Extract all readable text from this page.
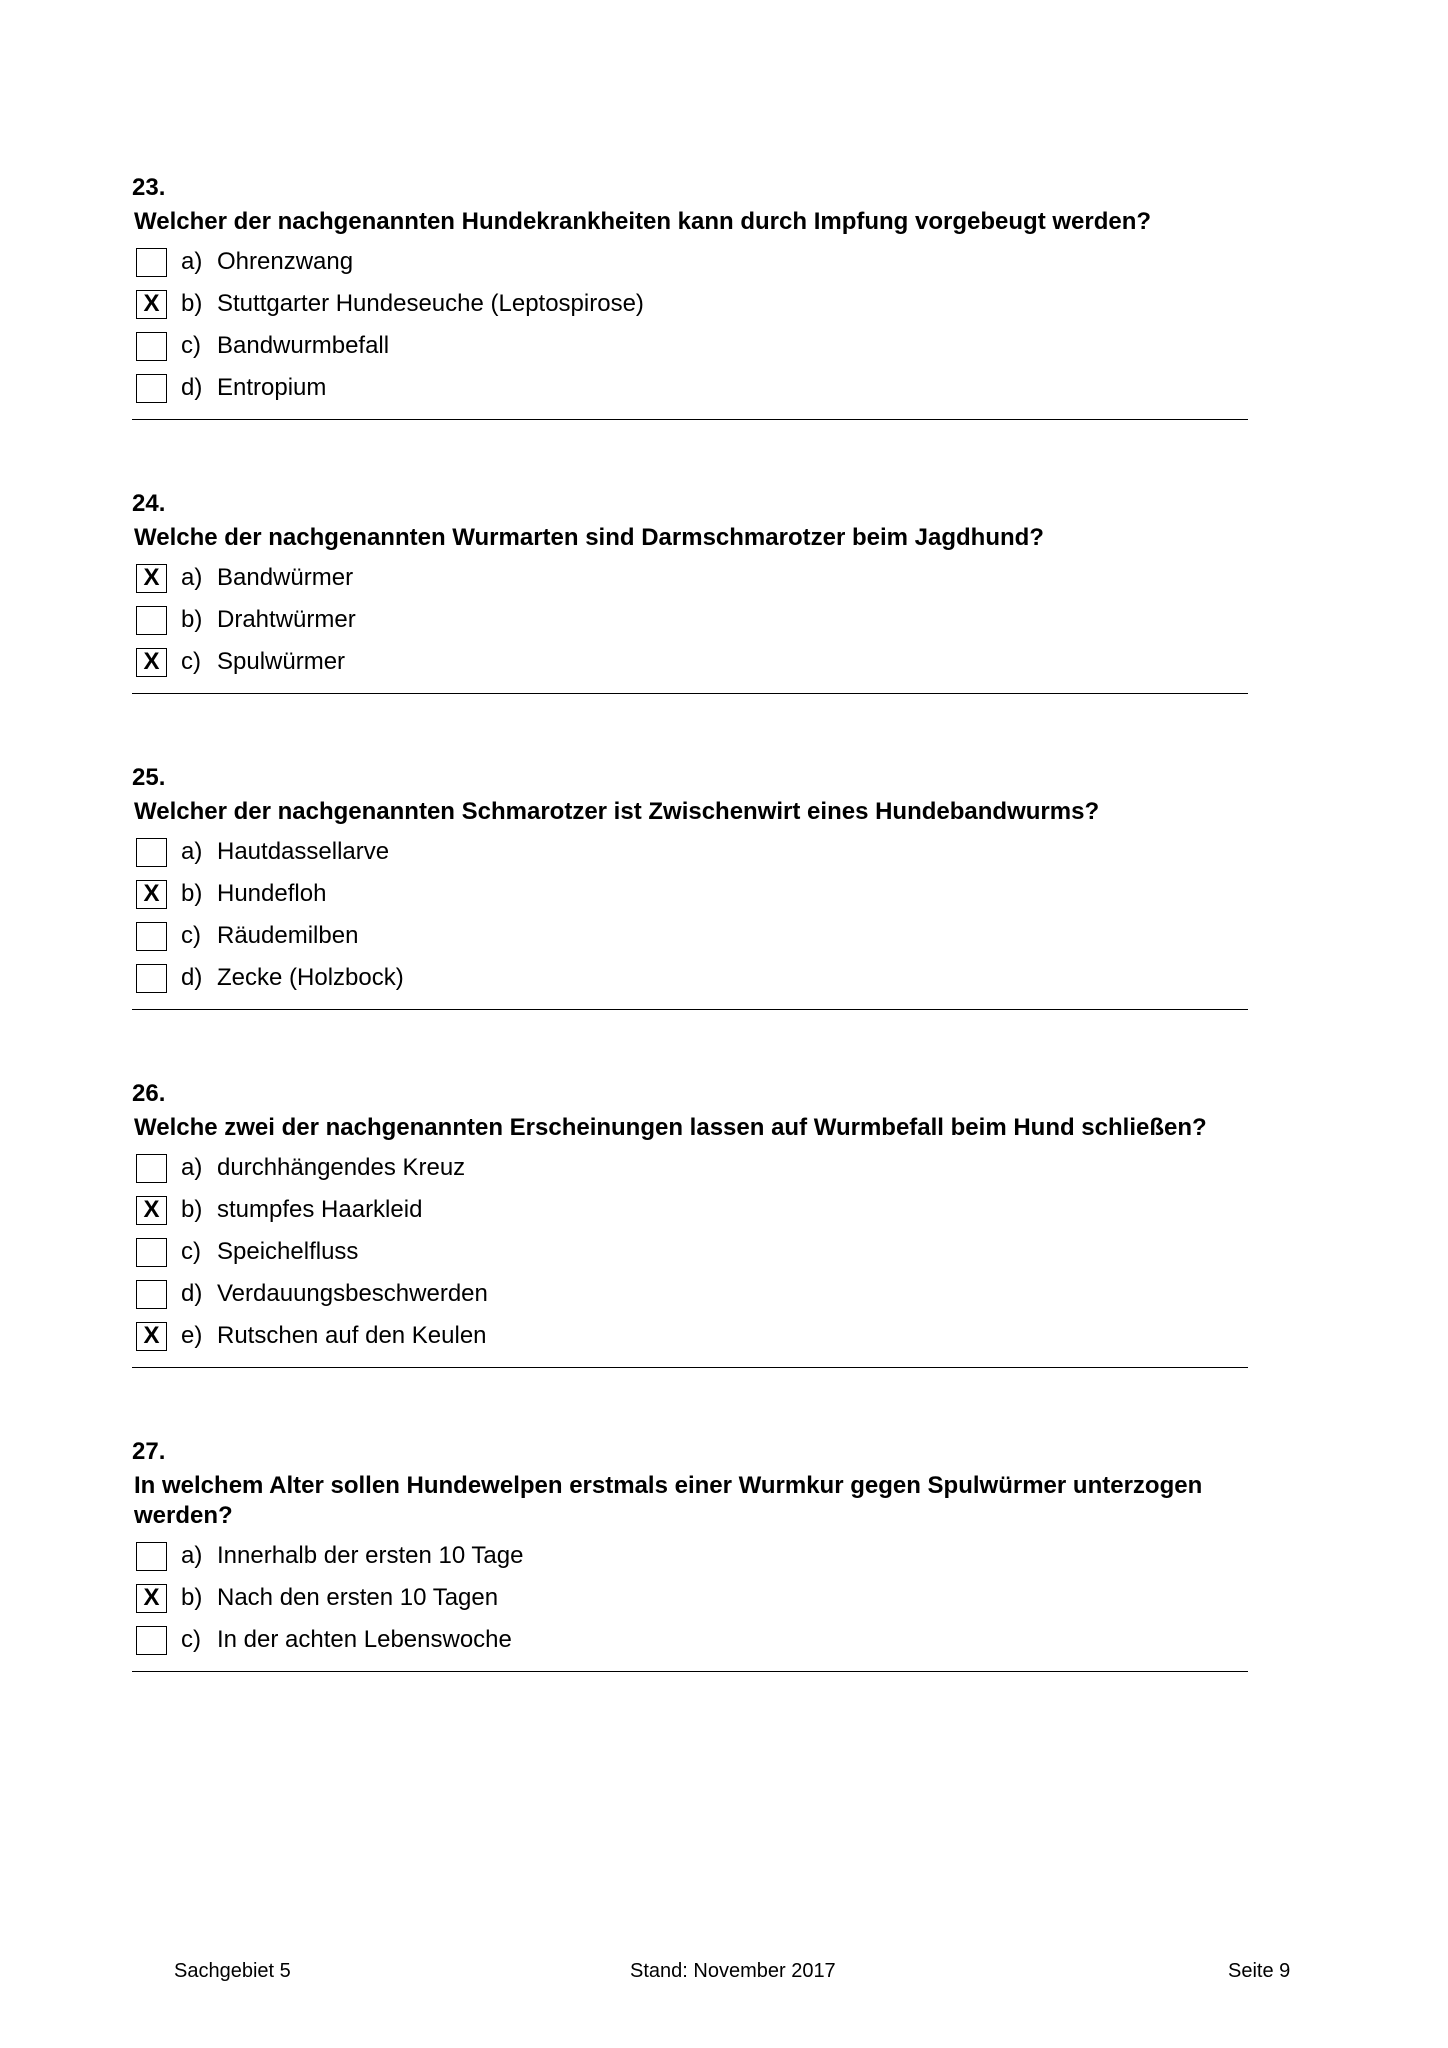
23.
Welcher der nachgenannten Hundekrankheiten kann durch Impfung vorgebeugt werden?
a) Ohrenzwang
X b) Stuttgarter Hundeseuche (Leptospirose)
c) Bandwurmbefall
d) Entropium
24.
Welche der nachgenannten Wurmarten sind Darmschmarotzer beim Jagdhund?
X a) Bandwürmer
b) Drahtwürmer
X c) Spulwürmer
25.
Welcher der nachgenannten Schmarotzer ist Zwischenwirt eines Hundebandwurms?
a) Hautdassellarve
X b) Hundefloh
c) Räudemilben
d) Zecke (Holzbock)
26.
Welche zwei der nachgenannten Erscheinungen lassen auf Wurmbefall beim Hund schließen?
a) durchhängendes Kreuz
X b) stumpfes Haarkleid
c) Speichelfluss
d) Verdauungsbeschwerden
X e) Rutschen auf den Keulen
27.
In welchem Alter sollen Hundewelpen erstmals einer Wurmkur gegen Spulwürmer unterzogen werden?
a) Innerhalb der ersten 10 Tage
X b) Nach den ersten 10 Tagen
c) In der achten Lebenswoche
Sachgebiet 5	Stand: November 2017	Seite 9
